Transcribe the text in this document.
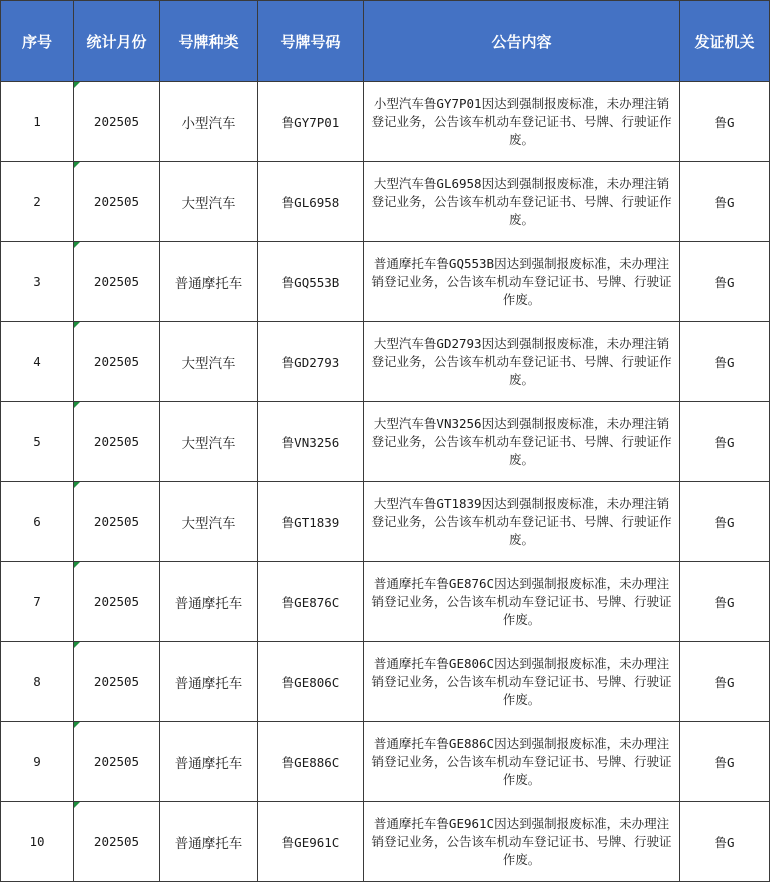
序号	统计月份	号牌种类	号牌号码	公告内容	发证机关
1	202505	小型汽车	鲁GY7P01	小型汽车鲁GY7P01因达到强制报废标准，未办理注销登记业务，公告该车机动车登记证书、号牌、行驶证作废。	鲁G
2	202505	大型汽车	鲁GL6958	大型汽车鲁GL6958因达到强制报废标准，未办理注销登记业务，公告该车机动车登记证书、号牌、行驶证作废。	鲁G
3	202505	普通摩托车	鲁GQ553B	普通摩托车鲁GQ553B因达到强制报废标准，未办理注销登记业务，公告该车机动车登记证书、号牌、行驶证作废。	鲁G
4	202505	大型汽车	鲁GD2793	大型汽车鲁GD2793因达到强制报废标准，未办理注销登记业务，公告该车机动车登记证书、号牌、行驶证作废。	鲁G
5	202505	大型汽车	鲁VN3256	大型汽车鲁VN3256因达到强制报废标准，未办理注销登记业务，公告该车机动车登记证书、号牌、行驶证作废。	鲁G
6	202505	大型汽车	鲁GT1839	大型汽车鲁GT1839因达到强制报废标准，未办理注销登记业务，公告该车机动车登记证书、号牌、行驶证作废。	鲁G
7	202505	普通摩托车	鲁GE876C	普通摩托车鲁GE876C因达到强制报废标准，未办理注销登记业务，公告该车机动车登记证书、号牌、行驶证作废。	鲁G
8	202505	普通摩托车	鲁GE806C	普通摩托车鲁GE806C因达到强制报废标准，未办理注销登记业务，公告该车机动车登记证书、号牌、行驶证作废。	鲁G
9	202505	普通摩托车	鲁GE886C	普通摩托车鲁GE886C因达到强制报废标准，未办理注销登记业务，公告该车机动车登记证书、号牌、行驶证作废。	鲁G
10	202505	普通摩托车	鲁GE961C	普通摩托车鲁GE961C因达到强制报废标准，未办理注销登记业务，公告该车机动车登记证书、号牌、行驶证作废。	鲁G
